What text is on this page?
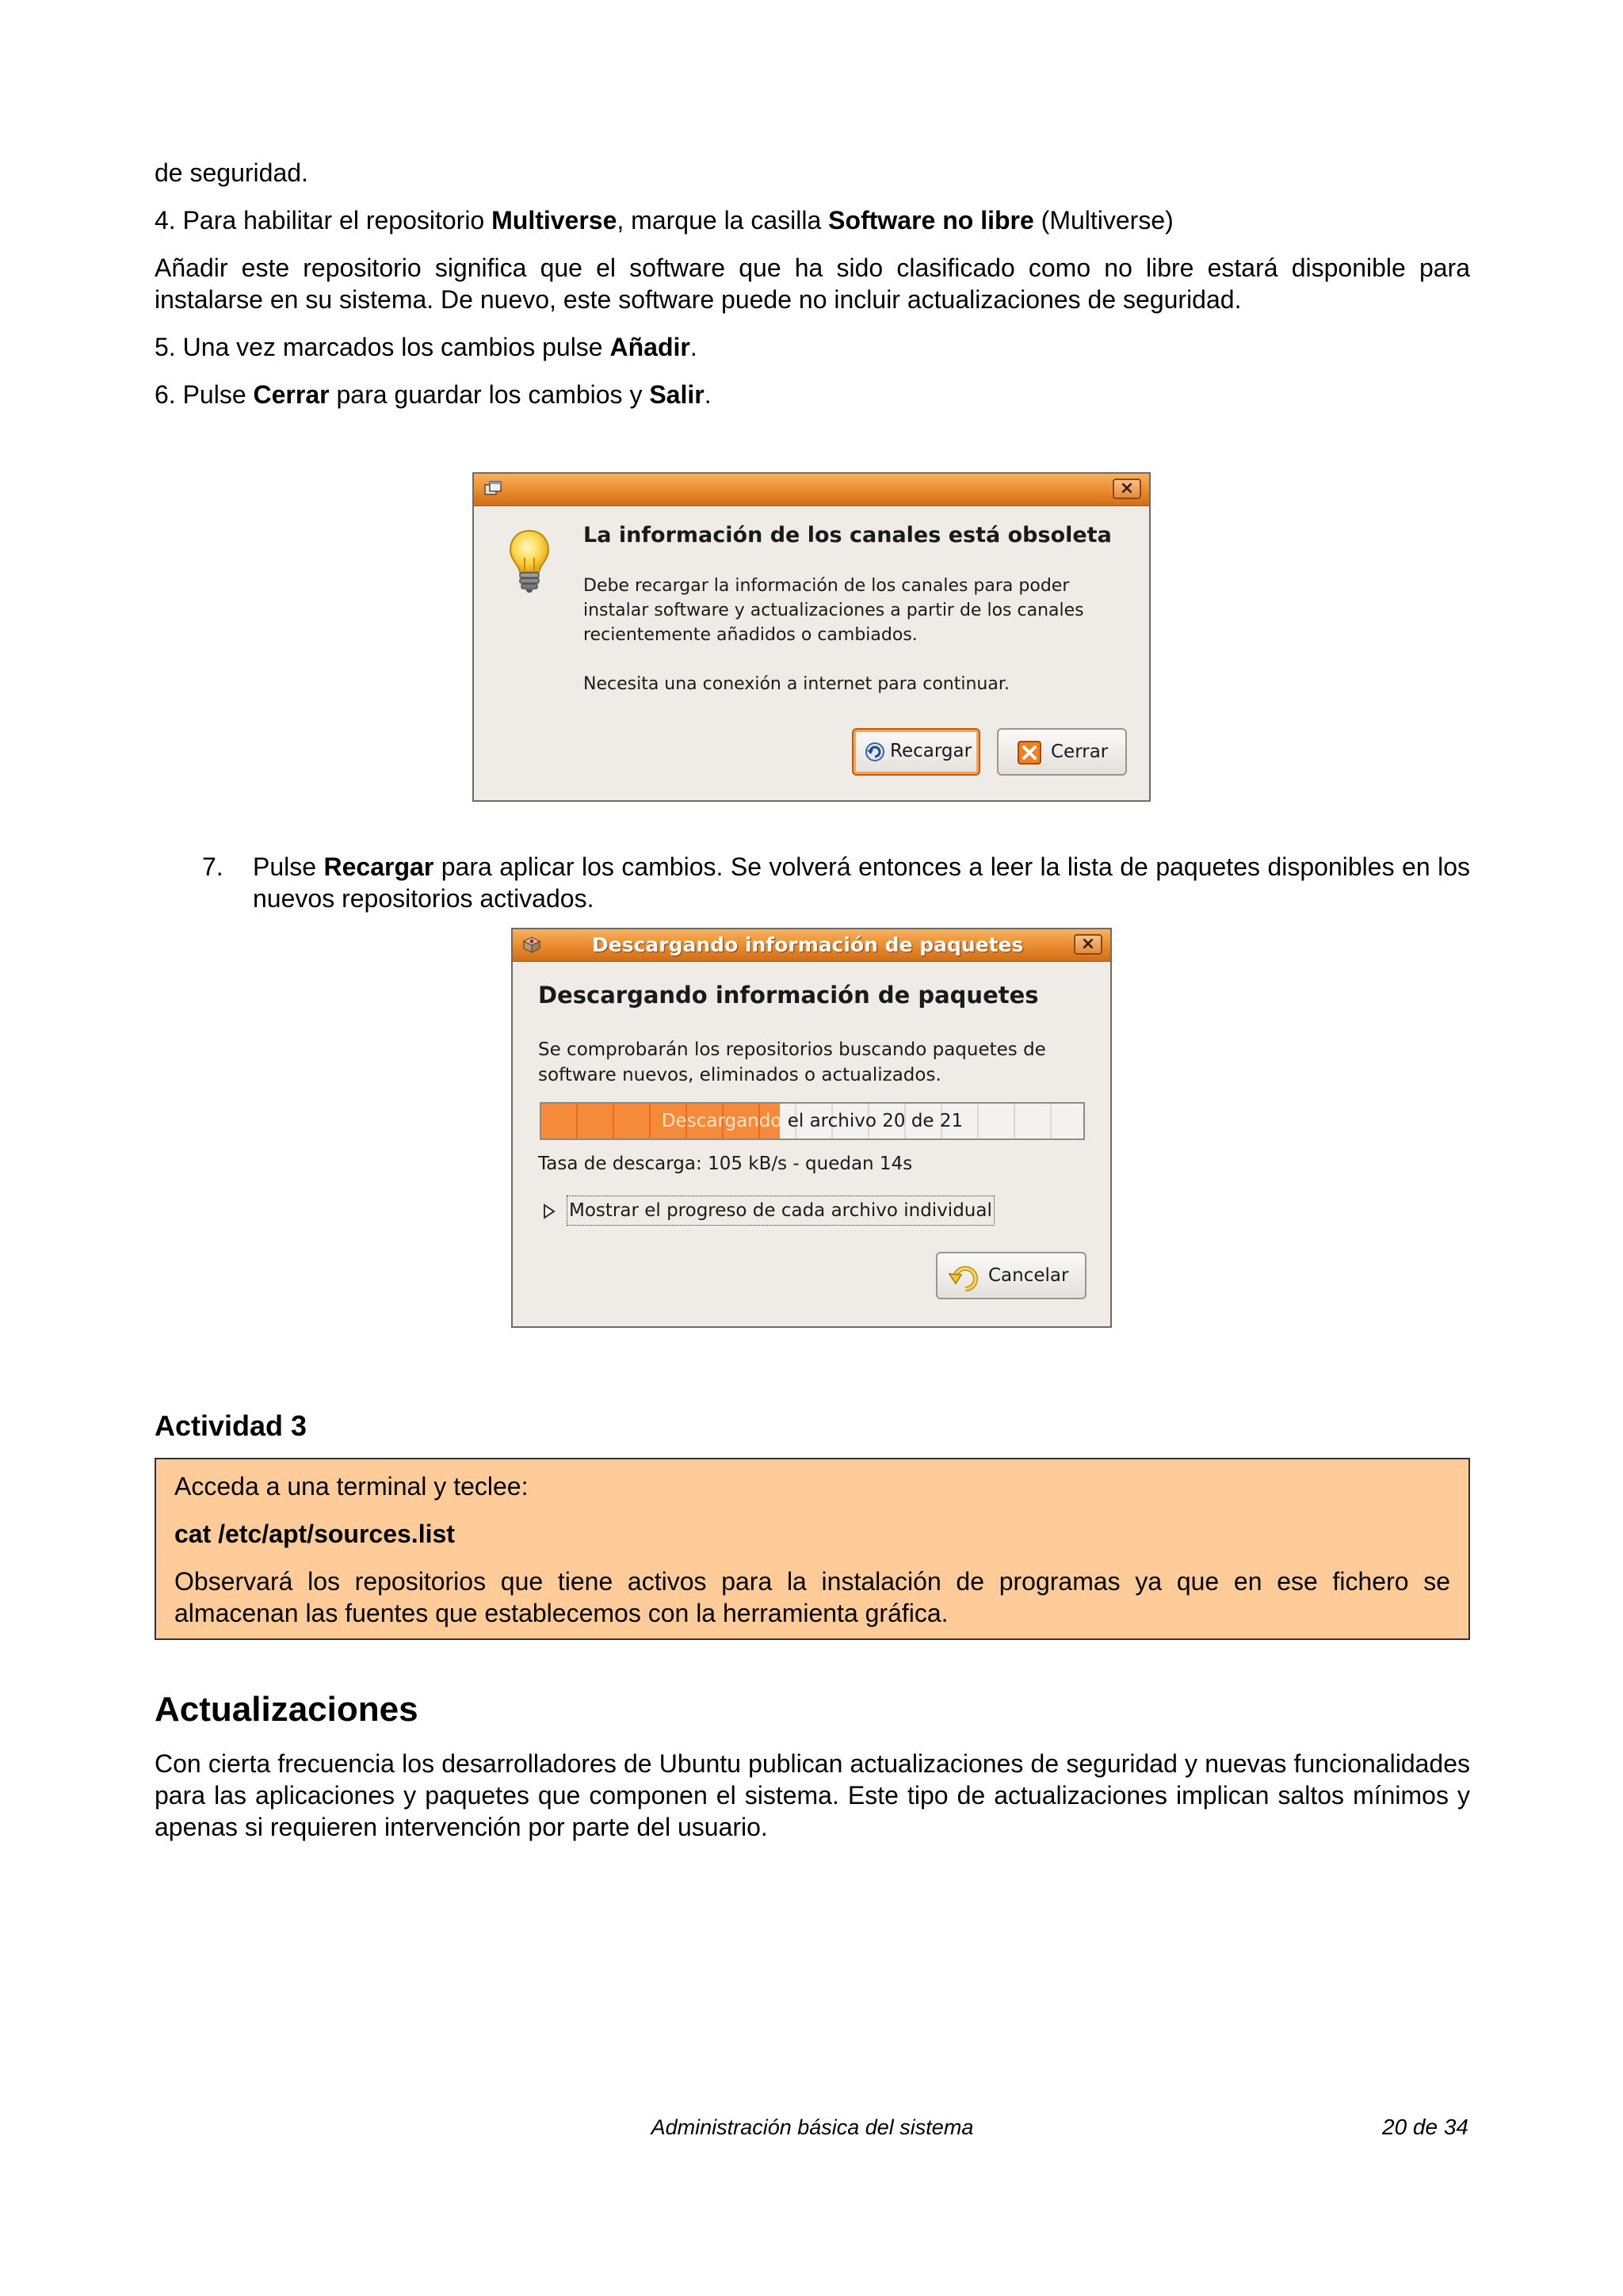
de seguridad.

4. Para habilitar el repositorio Multiverse, marque la casilla Software no libre (Multiverse)

Añadir este repositorio significa que el software que ha sido clasificado como no libre estará disponible para instalarse en su sistema. De nuevo, este software puede no incluir actualizaciones de seguridad.

5. Una vez marcados los cambios pulse Añadir.

6. Pulse Cerrar para guardar los cambios y Salir.

×
La información de los canales está obsoleta
Debe recargar la información de los canales para poder
instalar software y actualizaciones a partir de los canales
recientemente añadidos o cambiados.
Necesita una conexión a internet para continuar.
Recargar	Cerrar
7. Pulse Recargar para aplicar los cambios. Se volverá entonces a leer la lista de paquetes disponibles en los nuevos repositorios activados.

Descargando información de paquetes	×
Descargando información de paquetes
Se comprobarán los repositorios buscando paquetes de
software nuevos, eliminados o actualizados.
Descargando el archivo 20 de 21
Tasa de descarga: 105 kB/s - quedan 14s
Mostrar el progreso de cada archivo individual
Cancelar
Actividad 3

Acceda a una terminal y teclee:

cat /etc/apt/sources.list

Observará los repositorios que tiene activos para la instalación de programas ya que en ese fichero se almacenan las fuentes que establecemos con la herramienta gráfica.

Actualizaciones

Con cierta frecuencia los desarrolladores de Ubuntu publican actualizaciones de seguridad y nuevas funcionalidades para las aplicaciones y paquetes que componen el sistema. Este tipo de actualizaciones implican saltos mínimos y apenas si requieren intervención por parte del usuario.

Administración básica del sistema	20 de 34
